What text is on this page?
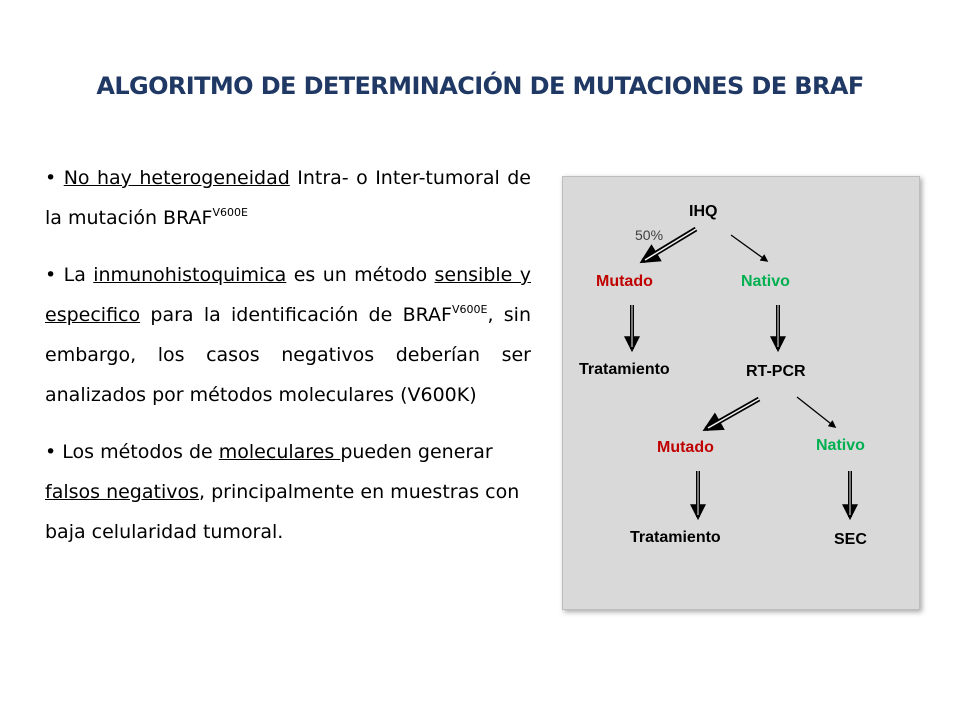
ALGORITMO DE DETERMINACIÓN DE MUTACIONES DE BRAF

• No hay heterogeneidad Intra- o Inter-tumoral de la mutación $BRAF^{V600E}$

• La inmunohistoquimica es un método sensible y especifico para la identificación de $BRAF^{V600E}$, sin embargo, los casos negativos deberían ser analizados por métodos moleculares (V600K)

• Los métodos de moleculares pueden generar falsos negativos, principalmente en muestras con baja celularidad tumoral.

IHQ
50%
Mutado	Nativo
Tratamiento	RT-PCR
Mutado	Nativo
Tratamiento	SEC
